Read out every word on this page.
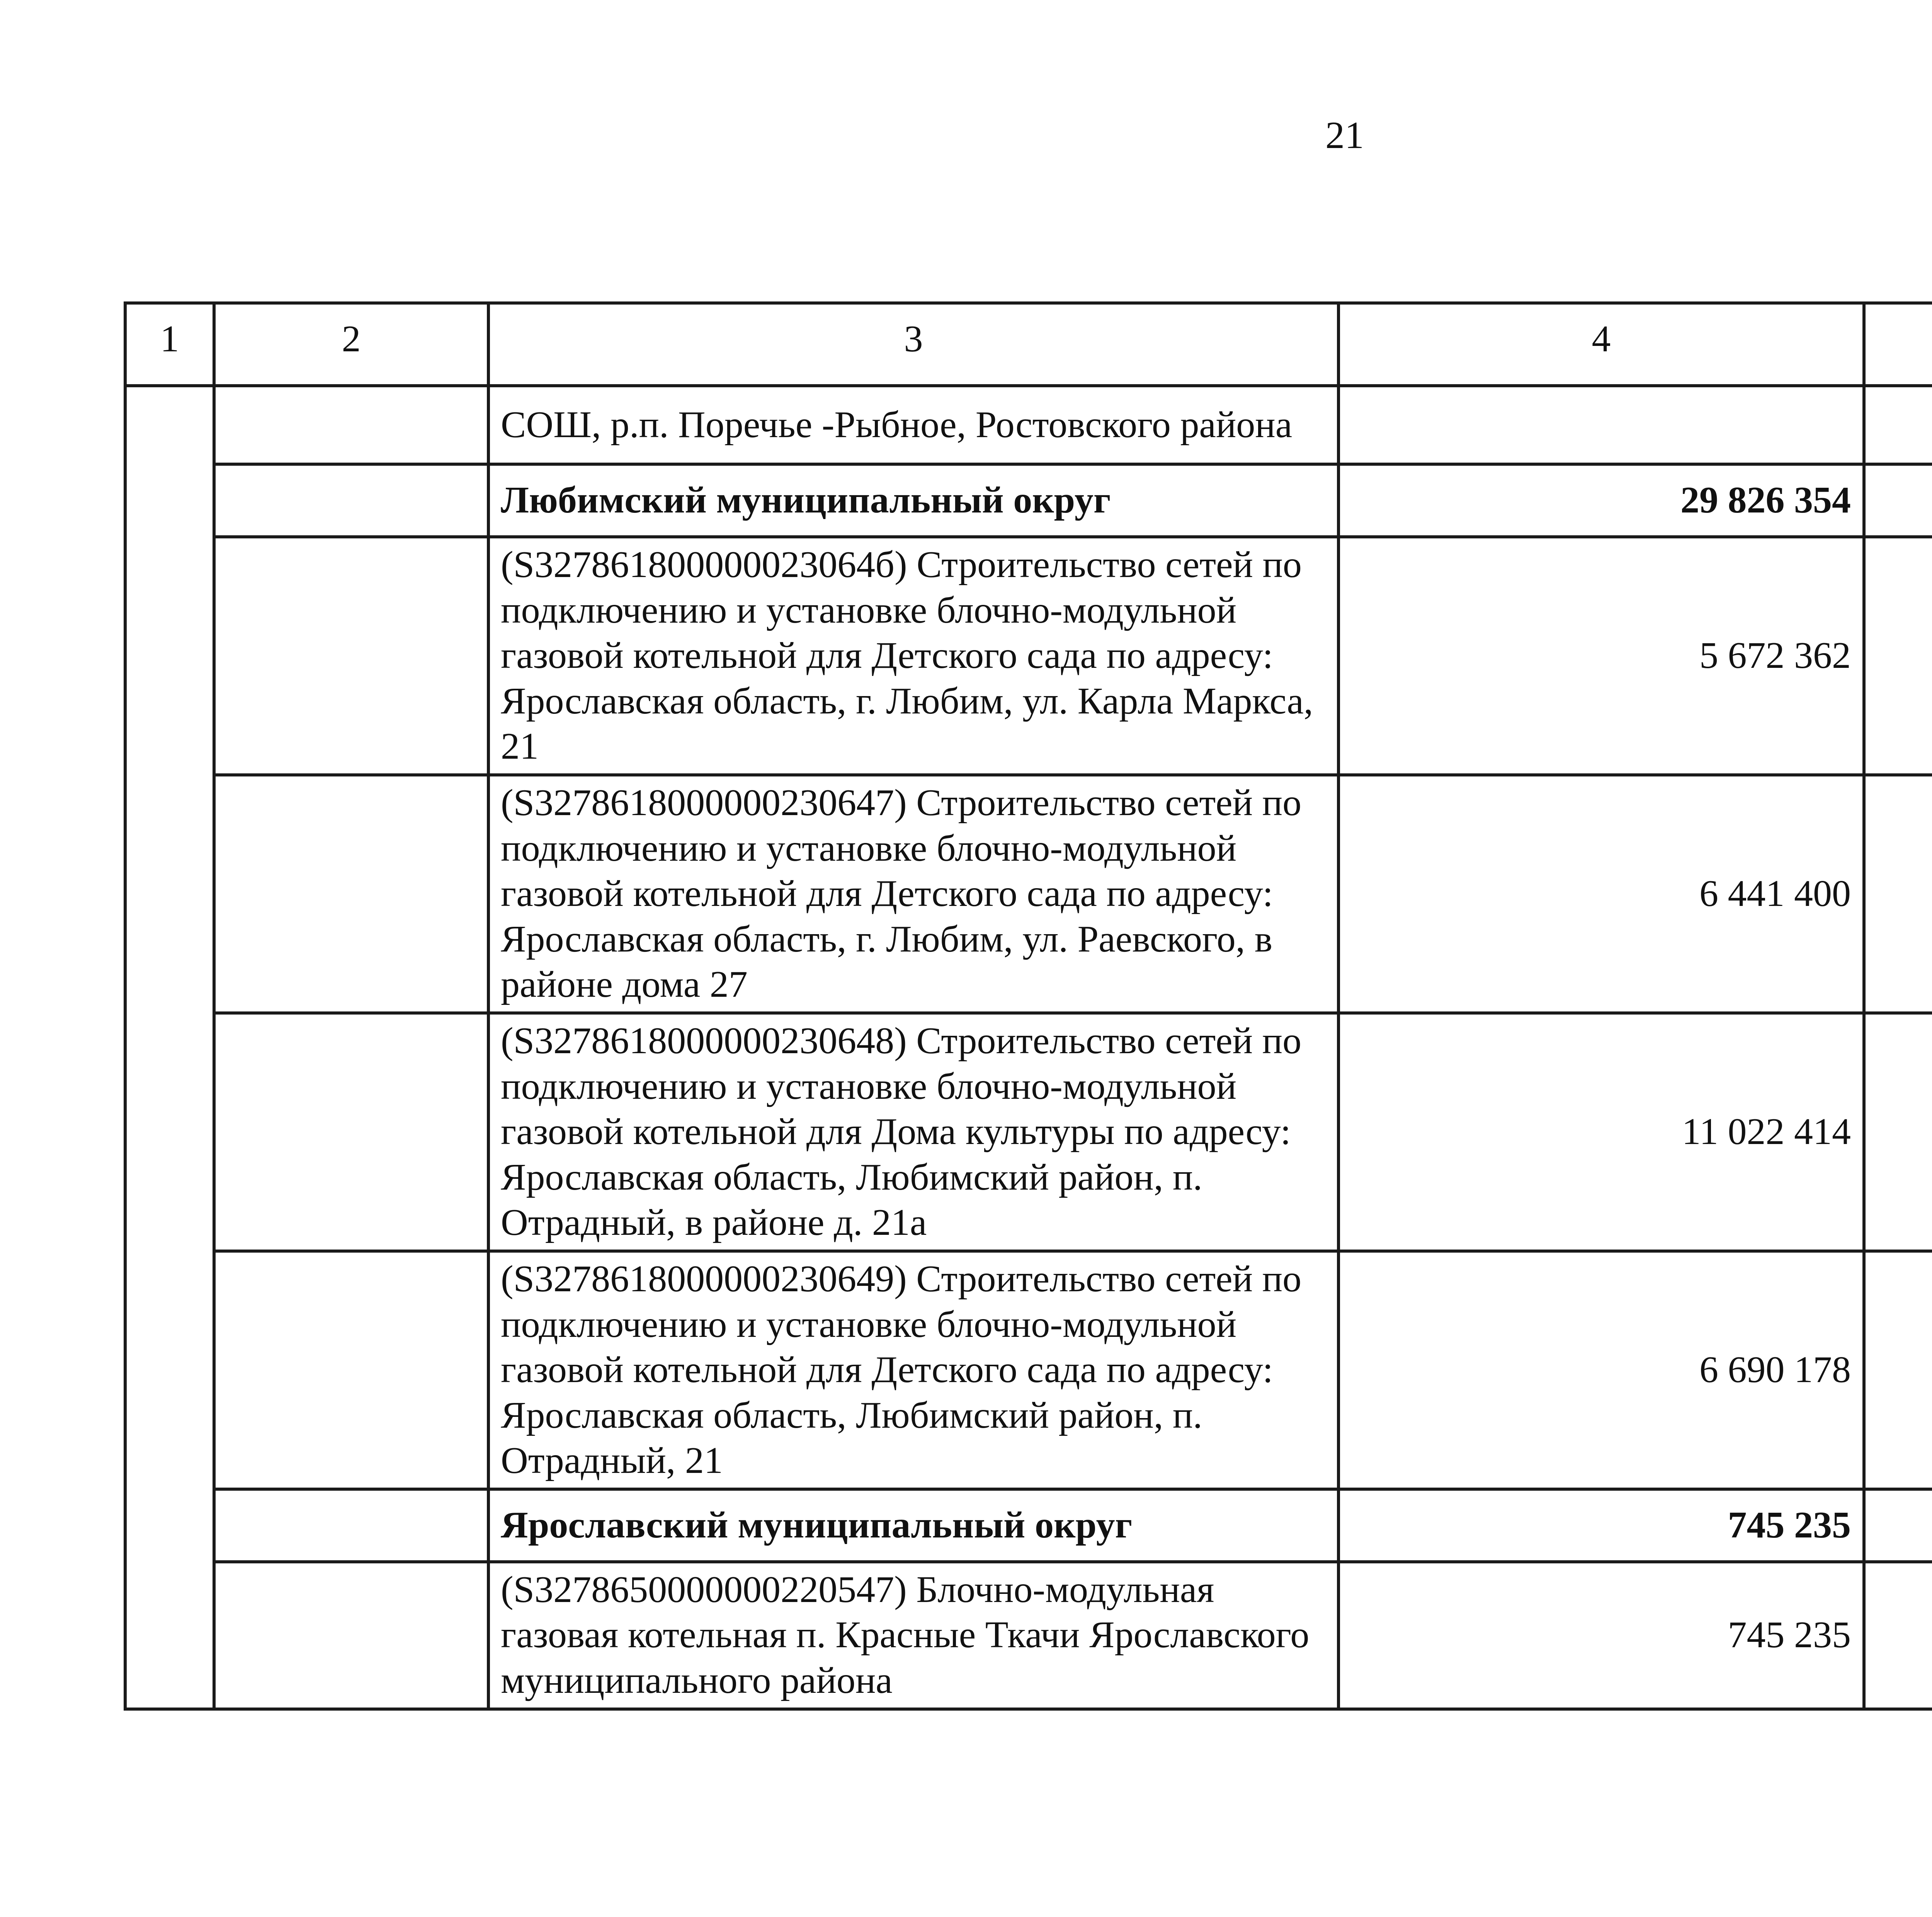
21
1	2	3	4			
		СОШ, р.п. Поречье -Рыбное, Ростовского района				
		Любимский муниципальный округ	29 826 354			
		(S327861800000023064б) Строительство сетей по подключению и установке блочно-модульной газовой котельной для Детского сада по адресу: Ярославская область, г. Любим, ул. Карла Маркса, 21	5 672 362			
		(S3278618000000230647) Строительство сетей по подключению и установке блочно-модульной газовой котельной для Детского сада по адресу: Ярославская область, г. Любим, ул. Раевского, в районе дома 27	6 441 400			
		(S3278618000000230648) Строительство сетей по подключению и установке блочно-модульной газовой котельной для Дома культуры по адресу: Ярославская область, Любимский район, п. Отрадный, в районе д. 21а	11 022 414			
		(S3278618000000230649) Строительство сетей по подключению и установке блочно-модульной газовой котельной для Детского сада по адресу: Ярославская область, Любимский район, п. Отрадный, 21	6 690 178			
		Ярославский муниципальный округ	745 235			
		(S3278650000000220547) Блочно-модульная газовая котельная п. Красные Ткачи Ярославского муниципального района	745 235			
